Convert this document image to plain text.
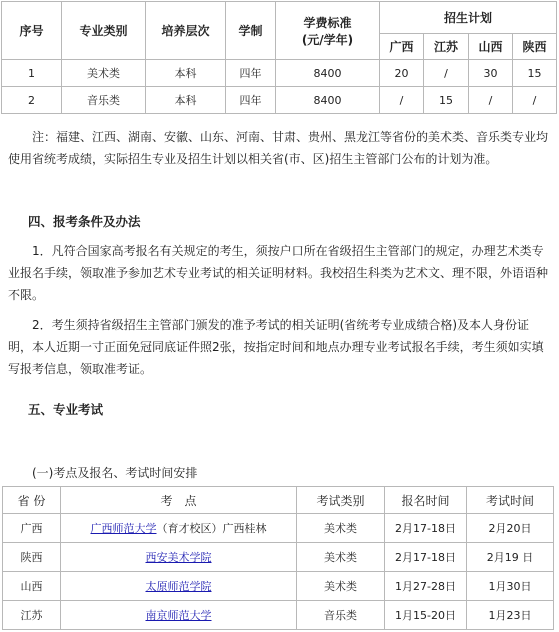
序号	专业类别	培养层次	学制	学费标准
(元/学年)	招生计划			
					广西	江苏	山西	陕西
1	美术类	本科	四年	8400	20	/	30	15
2	音乐类	本科	四年	8400	/	15	/	/

注：福建、江西、湖南、安徽、山东、河南、甘肃、贵州、黑龙江等省份的美术类、音乐类专业均使用省统考成绩，实际招生专业及招生计划以相关省(市、区)招生主管部门公布的计划为准。

四、报考条件及办法

1．凡符合国家高考报名有关规定的考生，须按户口所在省级招生主管部门的规定，办理艺术类专业报名手续，领取准予参加艺术专业考试的相关证明材料。我校招生科类为艺术文、理不限，外语语种不限。

2．考生须持省级招生主管部门颁发的准予考试的相关证明(省统考专业成绩合格)及本人身份证明，本人近期一寸正面免冠同底证件照2张，按指定时间和地点办理专业考试报名手续，考生须如实填写报考信息，领取准考证。

五、专业考试

(一)考点及报名、考试时间安排

省 份	考　点	考试类别	报名时间	考试时间
广西	广西师范大学（育才校区）广西桂林	美术类	2月17-18日	2月20日
陕西	西安美术学院	美术类	2月17-18日	2月19 日
山西	太原师范学院	美术类	1月27-28日	1月30日
江苏	南京师范大学	音乐类	1月15-20日	1月23日
